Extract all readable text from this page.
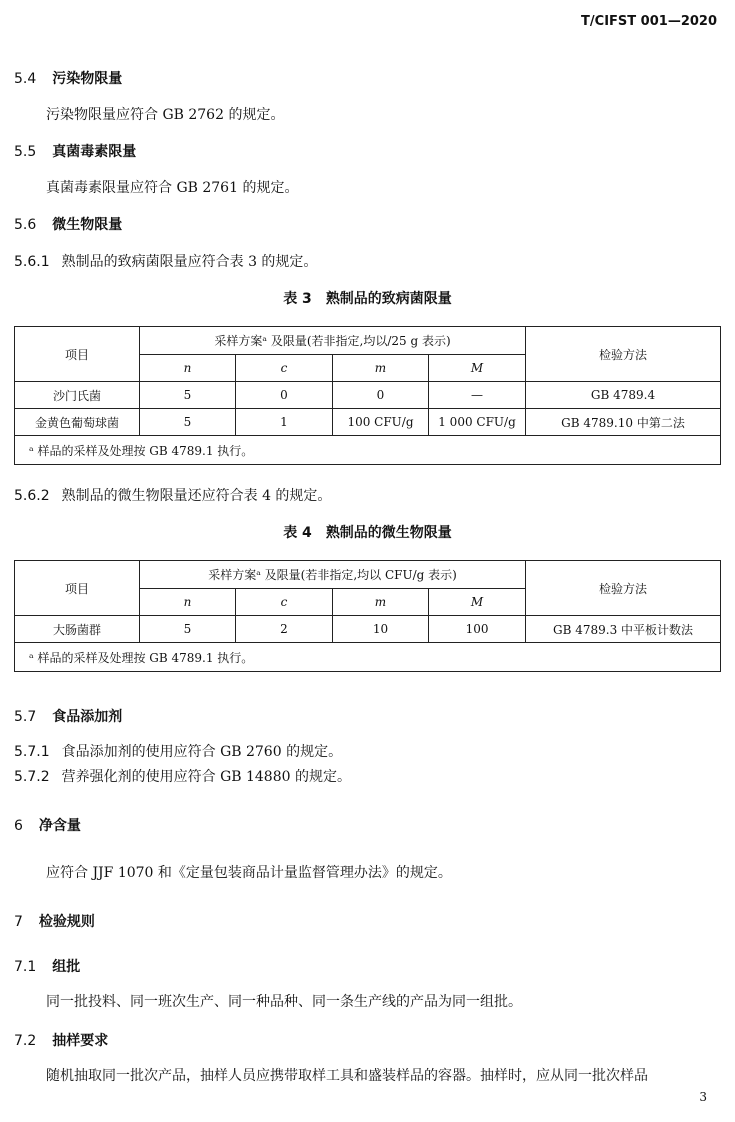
T/CIFST 001—2020
5.4 污染物限量
污染物限量应符合 GB 2762 的规定。
5.5 真菌毒素限量
真菌毒素限量应符合 GB 2761 的规定。
5.6 微生物限量
5.6.1 熟制品的致病菌限量应符合表 3 的规定。
表 3 熟制品的致病菌限量
项目	采样方案ᵃ 及限量(若非指定,均以/25 g 表示)				检验方法
	n	c	m	M	
沙门氏菌	5	0	0	—	GB 4789.4
金黄色葡萄球菌	5	1	100 CFU/g	1 000 CFU/g	GB 4789.10 中第二法
ᵃ 样品的采样及处理按 GB 4789.1 执行。					
5.6.2 熟制品的微生物限量还应符合表 4 的规定。
表 4 熟制品的微生物限量
项目	采样方案ᵃ 及限量(若非指定,均以 CFU/g 表示)				检验方法
	n	c	m	M	
大肠菌群	5	2	10	100	GB 4789.3 中平板计数法
ᵃ 样品的采样及处理按 GB 4789.1 执行。					
5.7 食品添加剂
5.7.1 食品添加剂的使用应符合 GB 2760 的规定。
5.7.2 营养强化剂的使用应符合 GB 14880 的规定。
6 净含量
应符合 JJF 1070 和《定量包装商品计量监督管理办法》的规定。
7 检验规则
7.1 组批
同一批投料、同一班次生产、同一种品种、同一条生产线的产品为同一组批。
7.2 抽样要求
随机抽取同一批次产品，抽样人员应携带取样工具和盛装样品的容器。抽样时，应从同一批次样品
3
